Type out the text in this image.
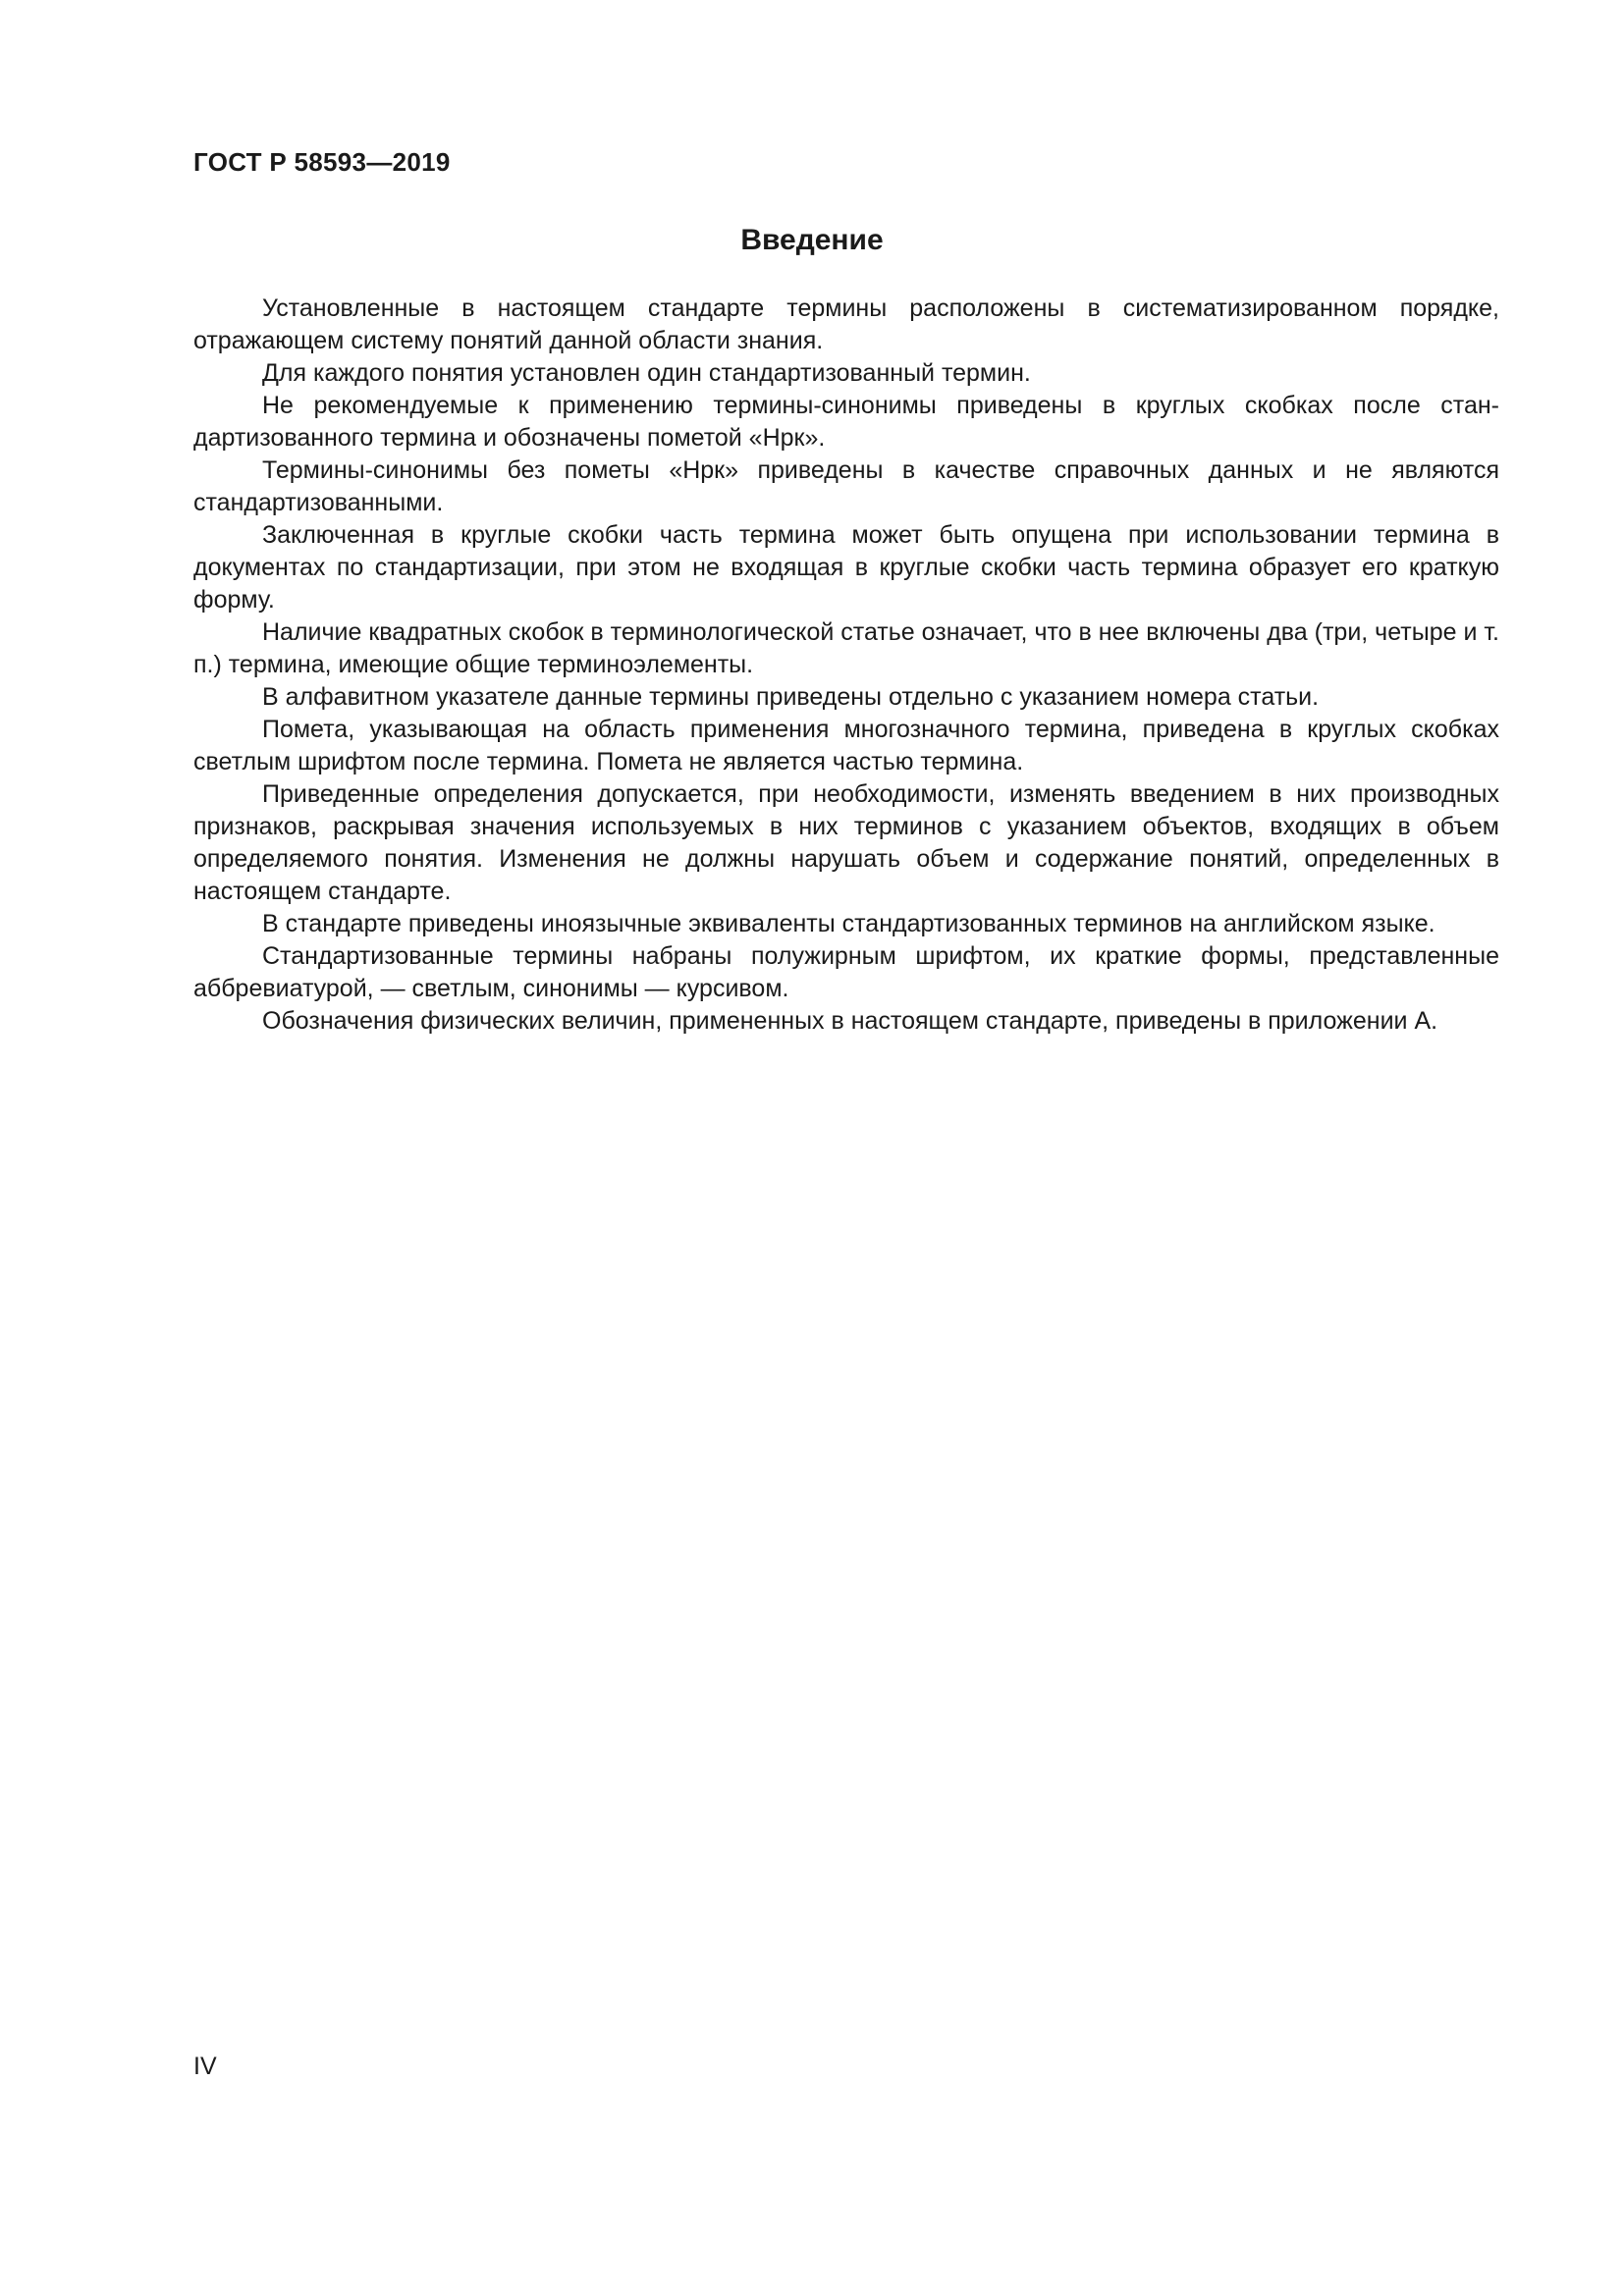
ГОСТ Р 58593—2019
Введение

Установленные в настоящем стандарте термины расположены в систематизированном порядке, отражающем систему понятий данной области знания.

Для каждого понятия установлен один стандартизованный термин.

Не рекомендуемые к применению термины-синонимы приведены в круглых скобках после стандартизованного термина и обозначены пометой «Нрк».

Термины-синонимы без пометы «Нрк» приведены в качестве справочных данных и не являются стандартизованными.

Заключенная в круглые скобки часть термина может быть опущена при использовании термина в документах по стандартизации, при этом не входящая в круглые скобки часть термина образует его краткую форму.

Наличие квадратных скобок в терминологической статье означает, что в нее включены два (три, четыре и т. п.) термина, имеющие общие терминоэлементы.

В алфавитном указателе данные термины приведены отдельно с указанием номера статьи.

Помета, указывающая на область применения многозначного термина, приведена в круглых скобках светлым шрифтом после термина. Помета не является частью термина.

Приведенные определения допускается, при необходимости, изменять введением в них производных признаков, раскрывая значения используемых в них терминов с указанием объектов, входящих в объем определяемого понятия. Изменения не должны нарушать объем и содержание понятий, определенных в настоящем стандарте.

В стандарте приведены иноязычные эквиваленты стандартизованных терминов на английском языке.

Стандартизованные термины набраны полужирным шрифтом, их краткие формы, представленные аббревиатурой, — светлым, синонимы — курсивом.

Обозначения физических величин, примененных в настоящем стандарте, приведены в приложении А.

IV
